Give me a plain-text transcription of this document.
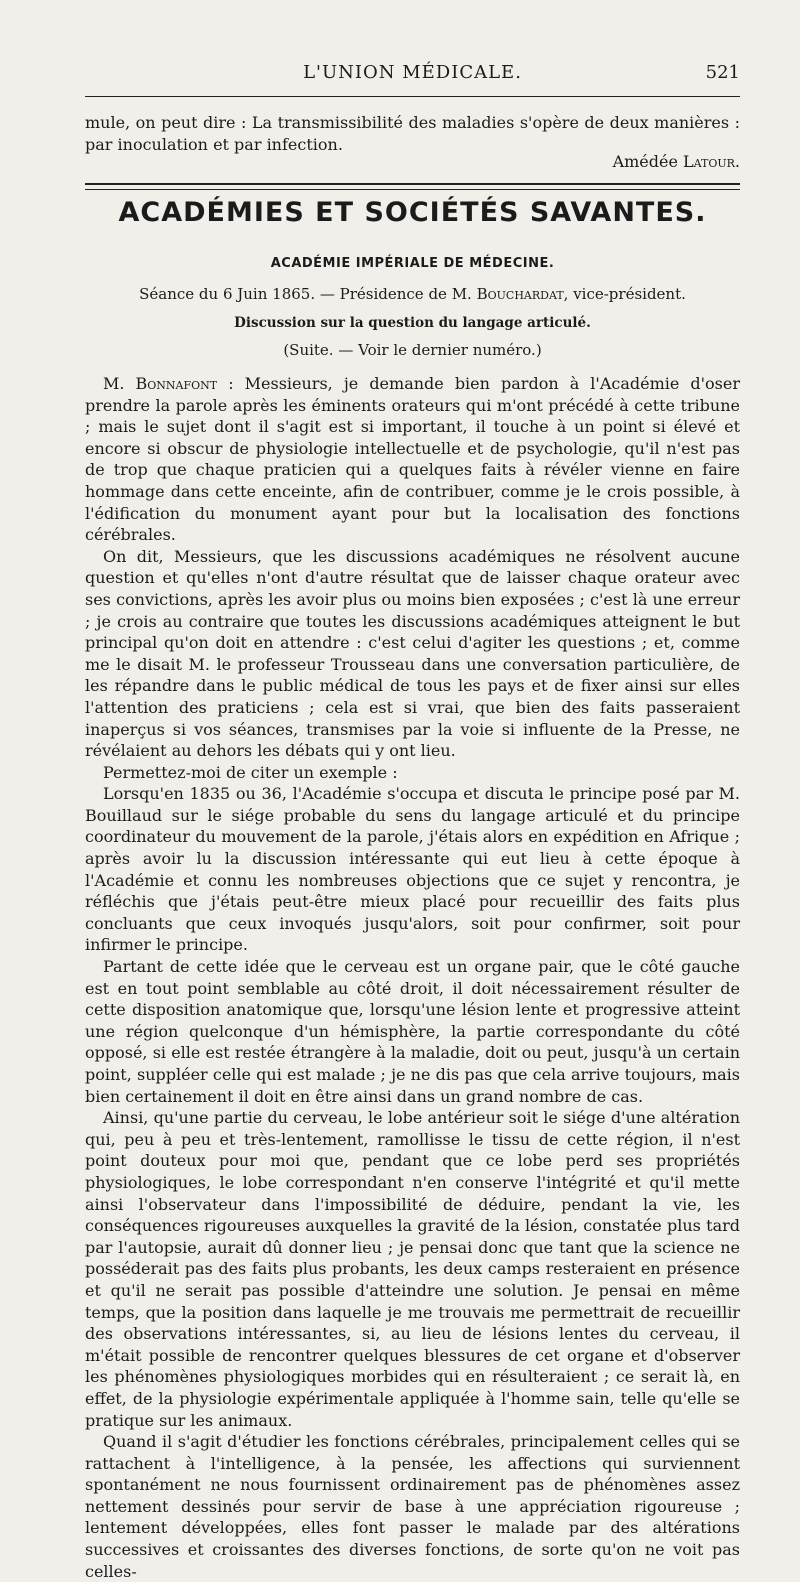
L'UNION MÉDICALE.	521

mule, on peut dire : La transmissibilité des maladies s'opère de deux manières : par inoculation et par infection.

Amédée Latour.
ACADÉMIES ET SOCIÉTÉS SAVANTES.
ACADÉMIE IMPÉRIALE DE MÉDECINE.
Séance du 6 Juin 1865. — Présidence de M. Bouchardat, vice-président.
Discussion sur la question du langage articulé.
(Suite. — Voir le dernier numéro.)

M. Bonnafont : Messieurs, je demande bien pardon à l'Académie d'oser prendre la parole après les éminents orateurs qui m'ont précédé à cette tribune ; mais le sujet dont il s'agit est si important, il touche à un point si élevé et encore si obscur de physiologie intellectuelle et de psychologie, qu'il n'est pas de trop que chaque praticien qui a quelques faits à révéler vienne en faire hommage dans cette enceinte, afin de contribuer, comme je le crois possible, à l'édification du monument ayant pour but la localisation des fonctions cérébrales.

On dit, Messieurs, que les discussions académiques ne résolvent aucune question et qu'elles n'ont d'autre résultat que de laisser chaque orateur avec ses convictions, après les avoir plus ou moins bien exposées ; c'est là une erreur ; je crois au contraire que toutes les discussions académiques atteignent le but principal qu'on doit en attendre : c'est celui d'agiter les questions ; et, comme me le disait M. le professeur Trousseau dans une conversation particulière, de les répandre dans le public médical de tous les pays et de fixer ainsi sur elles l'attention des praticiens ; cela est si vrai, que bien des faits passeraient inaperçus si vos séances, transmises par la voie si influente de la Presse, ne révélaient au dehors les débats qui y ont lieu.

Permettez-moi de citer un exemple :

Lorsqu'en 1835 ou 36, l'Académie s'occupa et discuta le principe posé par M. Bouillaud sur le siége probable du sens du langage articulé et du principe coordinateur du mouvement de la parole, j'étais alors en expédition en Afrique ; après avoir lu la discussion intéressante qui eut lieu à cette époque à l'Académie et connu les nombreuses objections que ce sujet y rencontra, je réfléchis que j'étais peut-être mieux placé pour recueillir des faits plus concluants que ceux invoqués jusqu'alors, soit pour confirmer, soit pour infirmer le principe.

Partant de cette idée que le cerveau est un organe pair, que le côté gauche est en tout point semblable au côté droit, il doit nécessairement résulter de cette disposition anatomique que, lorsqu'une lésion lente et progressive atteint une région quelconque d'un hémisphère, la partie correspondante du côté opposé, si elle est restée étrangère à la maladie, doit ou peut, jusqu'à un certain point, suppléer celle qui est malade ; je ne dis pas que cela arrive toujours, mais bien certainement il doit en être ainsi dans un grand nombre de cas.

Ainsi, qu'une partie du cerveau, le lobe antérieur soit le siége d'une altération qui, peu à peu et très-lentement, ramollisse le tissu de cette région, il n'est point douteux pour moi que, pendant que ce lobe perd ses propriétés physiologiques, le lobe correspondant n'en conserve l'intégrité et qu'il mette ainsi l'observateur dans l'impossibilité de déduire, pendant la vie, les conséquences rigoureuses auxquelles la gravité de la lésion, constatée plus tard par l'autopsie, aurait dû donner lieu ; je pensai donc que tant que la science ne posséderait pas des faits plus probants, les deux camps resteraient en présence et qu'il ne serait pas possible d'atteindre une solution. Je pensai en même temps, que la position dans laquelle je me trouvais me permettrait de recueillir des observations intéressantes, si, au lieu de lésions lentes du cerveau, il m'était possible de rencontrer quelques blessures de cet organe et d'observer les phénomènes physiologiques morbides qui en résulteraient ; ce serait là, en effet, de la physiologie expérimentale appliquée à l'homme sain, telle qu'elle se pratique sur les animaux.

Quand il s'agit d'étudier les fonctions cérébrales, principalement celles qui se rattachent à l'intelligence, à la pensée, les affections qui surviennent spontanément ne nous fournissent ordinairement pas de phénomènes assez nettement dessinés pour servir de base à une appréciation rigoureuse ; lentement développées, elles font passer le malade par des altérations successives et croissantes des diverses fonctions, de sorte qu'on ne voit pas celles-
